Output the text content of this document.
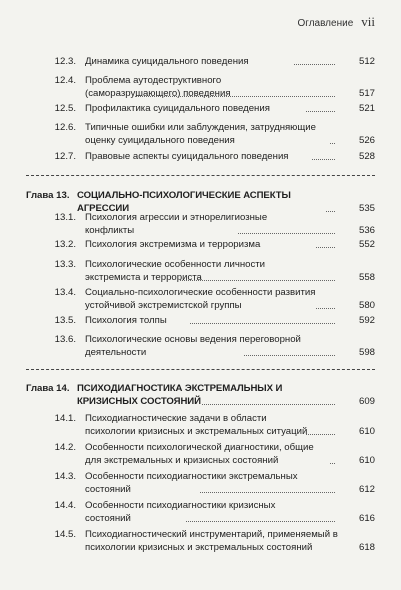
Оглавление vii
12.3. Динамика суицидального поведения	512
12.4. Проблема аутодеструктивного (саморазрушающего) поведения	517
12.5. Профилактика суицидального поведения	521
12.6. Типичные ошибки или заблуждения, затрудняющие оценку суицидального поведения	526
12.7. Правовые аспекты суицидального поведения	528
Глава 13. СОЦИАЛЬНО-ПСИХОЛОГИЧЕСКИЕ АСПЕКТЫ АГРЕССИИ	535
13.1. Психология агрессии и этнорелигиозные конфликты	536
13.2. Психология экстремизма и терроризма	552
13.3. Психологические особенности личности экстремиста и террориста	558
13.4. Социально-психологические особенности развития устойчивой экстремистской группы	580
13.5. Психология толпы	592
13.6. Психологические основы ведения переговорной деятельности	598
Глава 14. ПСИХОДИАГНОСТИКА ЭКСТРЕМАЛЬНЫХ И КРИЗИСНЫХ СОСТОЯНИЙ	609
14.1. Психодиагностические задачи в области психологии кризисных и экстремальных ситуаций	610
14.2. Особенности психологической диагностики, общие для экстремальных и кризисных состояний	610
14.3. Особенности психодиагностики экстремальных состояний	612
14.4. Особенности психодиагностики кризисных состояний	616
14.5. Психодиагностический инструментарий, применяемый в психологии кризисных и экстремальных состояний	618
